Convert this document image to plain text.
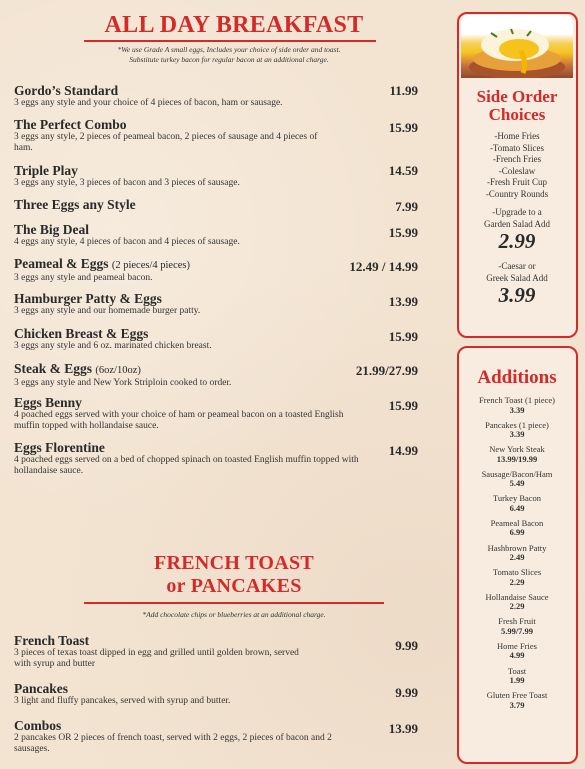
ALL DAY BREAKFAST
*We use Grade A small eggs, Includes your choice of side order and toast.
Substitute turkey bacon for regular bacon at an additional charge.
Gordo’s Standard
3 eggs any style and your choice of 4 pieces of bacon, ham or sausage.
11.99
The Perfect Combo
3 eggs any style, 2 pieces of peameal bacon, 2 pieces of sausage and 4 pieces of ham.
15.99
Triple Play
3 eggs any style, 3 pieces of bacon and 3 pieces of sausage.
14.59
Three Eggs any Style	7.99
The Big Deal
4 eggs any style, 4 pieces of bacon and 4 pieces of sausage.
15.99
Peameal & Eggs (2 pieces/4 pieces)
3 eggs any style and peameal bacon.
12.49 / 14.99
Hamburger Patty & Eggs
3 eggs any style and our homemade burger patty.
13.99
Chicken Breast & Eggs
3 eggs any style and 6 oz. marinated chicken breast.
15.99
Steak & Eggs (6oz/10oz)
3 eggs any style and New York Striploin cooked to order.
21.99/27.99
Eggs Benny
4 poached eggs served with your choice of ham or peameal bacon on a toasted English muffin topped with hollandaise sauce.
15.99
Eggs Florentine
4 poached eggs served on a bed of chopped spinach on toasted English muffin topped with hollandaise sauce.
14.99
FRENCH TOAST
or PANCAKES
*Add chocolate chips or blueberries at an additional charge.
French Toast
3 pieces of texas toast dipped in egg and grilled until golden brown, served with syrup and butter
9.99
Pancakes
3 light and fluffy pancakes, served with syrup and butter.
9.99
Combos
2 pancakes OR 2 pieces of french toast, served with 2 eggs, 2 pieces of bacon and 2 sausages.
13.99
Side Order
Choices
-Home Fries
-Tomato Slices
-French Fries
-Coleslaw
-Fresh Fruit Cup
-Country Rounds
-Upgrade to a
Garden Salad Add
2.99
-Caesar or
Greek Salad Add
3.99
Additions
French Toast (1 piece)
3.39
Pancakes (1 piece)
3.39
New York Steak
13.99/19.99
Sausage/Bacon/Ham
5.49
Turkey Bacon
6.49
Peameal Bacon
6.99
Hashbrown Patty
2.49
Tomato Slices
2.29
Hollandaise Sauce
2.29
Fresh Fruit
5.99/7.99
Home Fries
4.99
Toast
1.99
Gluten Free Toast
3.79
